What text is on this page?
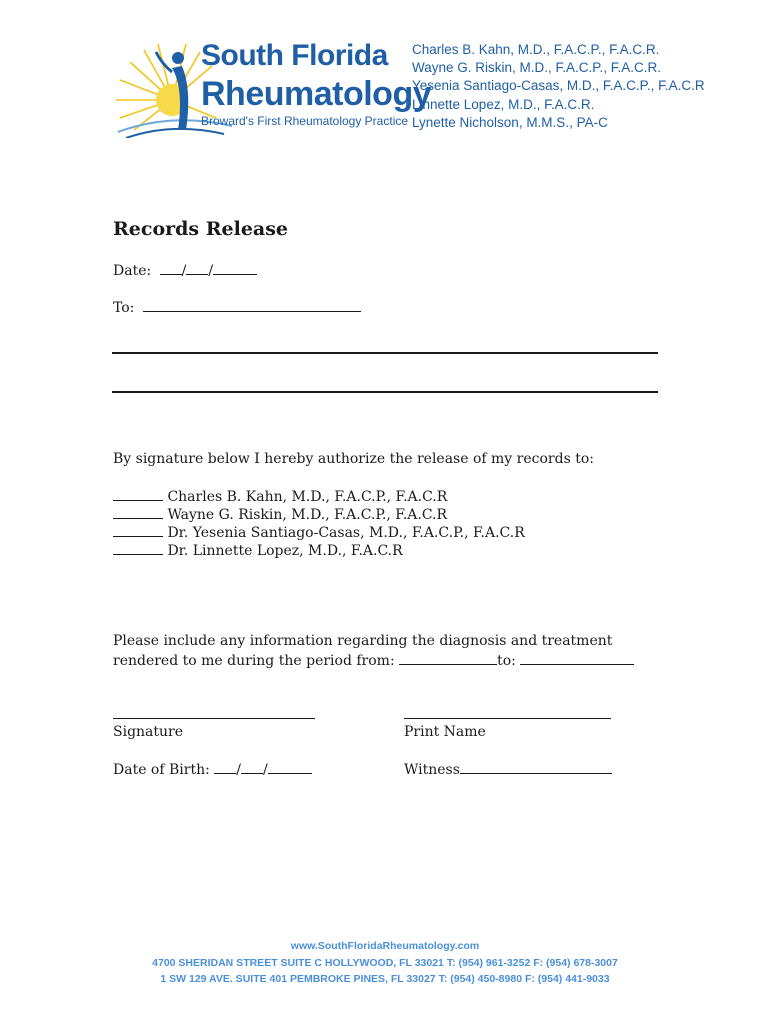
South Florida
Rheumatology
Broward's First Rheumatology Practice
Charles B. Kahn, M.D., F.A.C.P., F.A.C.R.
Wayne G. Riskin, M.D., F.A.C.P., F.A.C.R.
Yesenia Santiago-Casas, M.D., F.A.C.P., F.A.C.R
Linnette Lopez, M.D., F.A.C.R.
Lynette Nicholson, M.M.S., PA-C
Records Release
Date: / /
To:
By signature below I hereby authorize the release of my records to:
Charles B. Kahn, M.D., F.A.C.P., F.A.C.R
Wayne G. Riskin, M.D., F.A.C.P., F.A.C.R
Dr. Yesenia Santiago-Casas, M.D., F.A.C.P., F.A.C.R
Dr. Linnette Lopez, M.D., F.A.C.R
Please include any information regarding the diagnosis and treatment
rendered to me during the period from:	to:
Signature	Print Name
Date of Birth: / /	Witness
www.SouthFloridaRheumatology.com
4700 SHERIDAN STREET SUITE C HOLLYWOOD, FL 33021 T: (954) 961-3252 F: (954) 678-3007
1 SW 129 AVE. SUITE 401 PEMBROKE PINES, FL 33027 T: (954) 450-8980 F: (954) 441-9033
